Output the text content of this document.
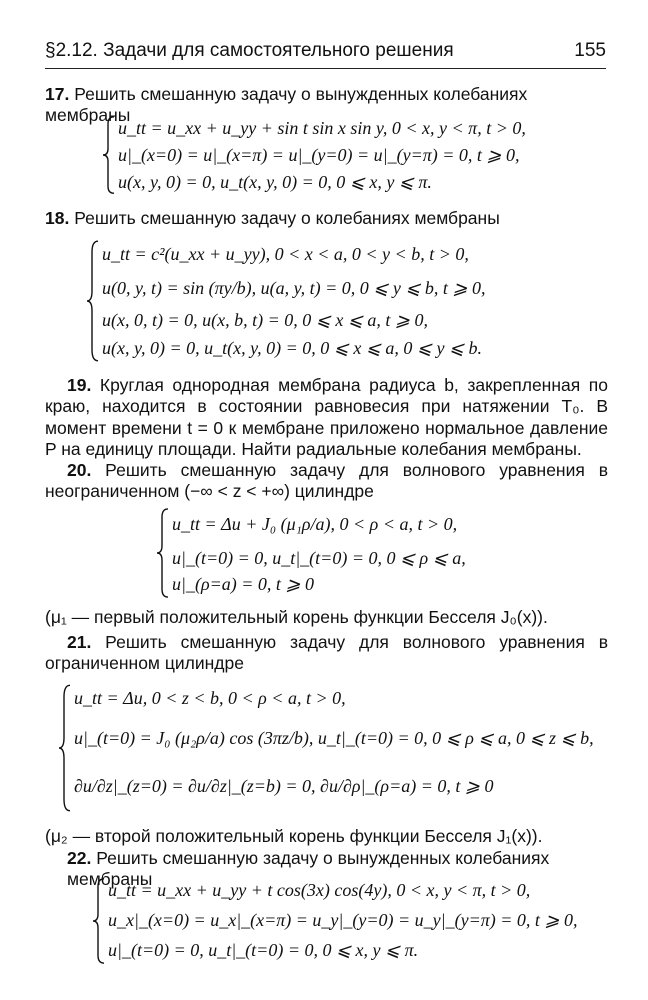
§2.12. Задачи для самостоятельного решения	155
17. Решить смешанную задачу о вынужденных колебаниях мембраны
u_tt = u_xx + u_yy + sin t sin x sin y, 0 < x, y < π, t > 0,
u|_(x=0) = u|_(x=π) = u|_(y=0) = u|_(y=π) = 0, t ⩾ 0,
u(x, y, 0) = 0, u_t(x, y, 0) = 0, 0 ⩽ x, y ⩽ π.
18. Решить смешанную задачу о колебаниях мембраны
u_tt = c²(u_xx + u_yy), 0 < x < a, 0 < y < b, t > 0,
u(0, y, t) = sin (πy/b), u(a, y, t) = 0, 0 ⩽ y ⩽ b, t ⩾ 0,
u(x, 0, t) = 0, u(x, b, t) = 0, 0 ⩽ x ⩽ a, t ⩾ 0,
u(x, y, 0) = 0, u_t(x, y, 0) = 0, 0 ⩽ x ⩽ a, 0 ⩽ y ⩽ b.
19. Круглая однородная мембрана радиуса b, закрепленная по краю, находится в состоянии равновесия при натяжении T₀. В момент времени t = 0 к мембране приложено нормальное давление P на единицу площади. Найти радиальные колебания мембраны.
20. Решить смешанную задачу для волнового уравнения в неограниченном (−∞ < z < +∞) цилиндре
u_tt = Δu + J₀ (μ₁ρ/a), 0 < ρ < a, t > 0,
u|_(t=0) = 0, u_t|_(t=0) = 0, 0 ⩽ ρ ⩽ a,
u|_(ρ=a) = 0, t ⩾ 0
(μ₁ — первый положительный корень функции Бесселя J₀(x)).
21. Решить смешанную задачу для волнового уравнения в ограниченном цилиндре
u_tt = Δu, 0 < z < b, 0 < ρ < a, t > 0,
u|_(t=0) = J₀ (μ₂ρ/a) cos (3πz/b), u_t|_(t=0) = 0, 0 ⩽ ρ ⩽ a, 0 ⩽ z ⩽ b,
∂u/∂z|_(z=0) = ∂u/∂z|_(z=b) = 0, ∂u/∂ρ|_(ρ=a) = 0, t ⩾ 0
(μ₂ — второй положительный корень функции Бесселя J₁(x)).
22. Решить смешанную задачу о вынужденных колебаниях мембраны
u_tt = u_xx + u_yy + t cos(3x) cos(4y), 0 < x, y < π, t > 0,
u_x|_(x=0) = u_x|_(x=π) = u_y|_(y=0) = u_y|_(y=π) = 0, t ⩾ 0,
u|_(t=0) = 0, u_t|_(t=0) = 0, 0 ⩽ x, y ⩽ π.
